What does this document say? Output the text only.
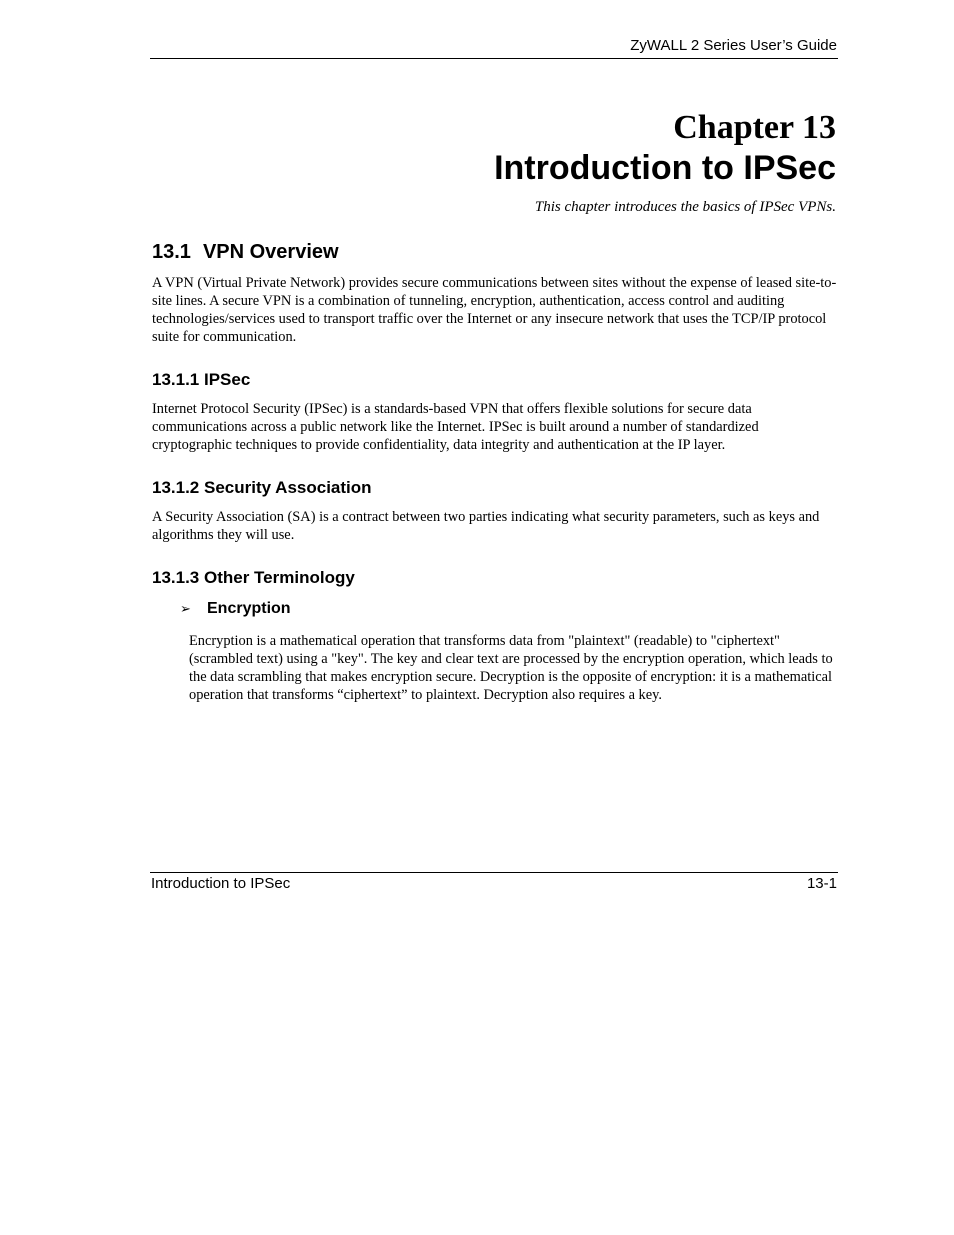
ZyWALL 2 Series User’s Guide
Chapter 13
Introduction to IPSec
This chapter introduces the basics of IPSec VPNs.
13.1 VPN Overview

A VPN (Virtual Private Network) provides secure communications between sites without the expense of leased site-to-site lines. A secure VPN is a combination of tunneling, encryption, authentication, access control and auditing technologies/services used to transport traffic over the Internet or any insecure network that uses the TCP/IP protocol suite for communication.

13.1.1 IPSec

Internet Protocol Security (IPSec) is a standards-based VPN that offers flexible solutions for secure data communications across a public network like the Internet. IPSec is built around a number of standardized cryptographic techniques to provide confidentiality, data integrity and authentication at the IP layer.

13.1.2 Security Association

A Security Association (SA) is a contract between two parties indicating what security parameters, such as keys and algorithms they will use.

13.1.3 Other Terminology
➢ Encryption

Encryption is a mathematical operation that transforms data from "plaintext" (readable) to "ciphertext" (scrambled text) using a "key". The key and clear text are processed by the encryption operation, which leads to the data scrambling that makes encryption secure. Decryption is the opposite of encryption: it is a mathematical operation that transforms “ciphertext” to plaintext. Decryption also requires a key.

Introduction to IPSec	13-1
